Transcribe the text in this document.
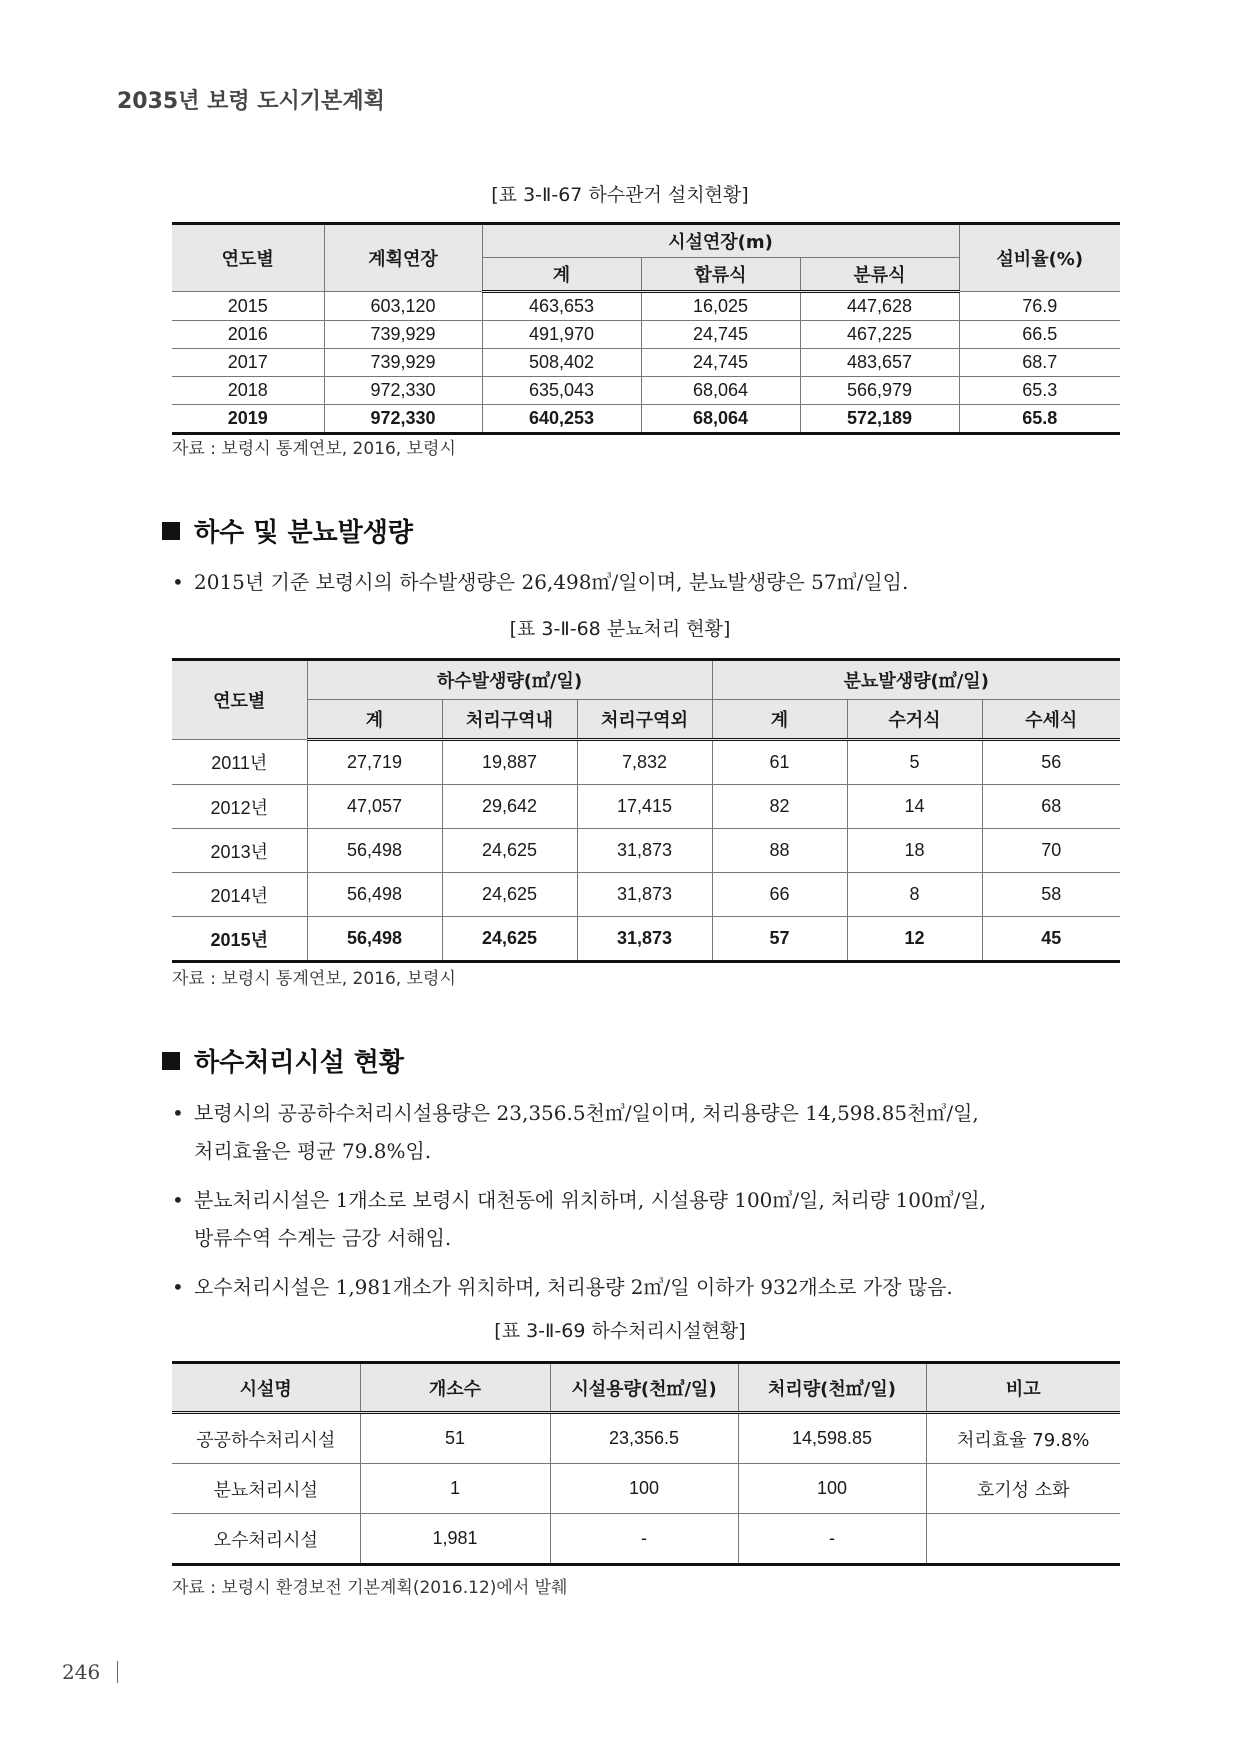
2035년 보령 도시기본계획
[표 3-Ⅱ-67 하수관거 설치현황]
연도별	계획연장	시설연장(m)			설비율(%)
		계	합류식	분류식	
2015	603,120	463,653	16,025	447,628	76.9
2016	739,929	491,970	24,745	467,225	66.5
2017	739,929	508,402	24,745	483,657	68.7
2018	972,330	635,043	68,064	566,979	65.3
2019	972,330	640,253	68,064	572,189	65.8
자료 : 보령시 통계연보, 2016, 보령시
하수 및 분뇨발생량
• 2015년 기준 보령시의 하수발생량은 26,498㎥/일이며, 분뇨발생량은 57㎥/일임.
[표 3-Ⅱ-68 분뇨처리 현황]
연도별	하수발생량(㎥/일)			분뇨발생량(㎥/일)		
	계	처리구역내	처리구역외	계	수거식	수세식
2011년	27,719	19,887	7,832	61	5	56
2012년	47,057	29,642	17,415	82	14	68
2013년	56,498	24,625	31,873	88	18	70
2014년	56,498	24,625	31,873	66	8	58
2015년	56,498	24,625	31,873	57	12	45
자료 : 보령시 통계연보, 2016, 보령시
하수처리시설 현황
• 보령시의 공공하수처리시설용량은 23,356.5천㎥/일이며, 처리용량은 14,598.85천㎥/일,
처리효율은 평균 79.8%임.
• 분뇨처리시설은 1개소로 보령시 대천동에 위치하며, 시설용량 100㎥/일, 처리량 100㎥/일,
방류수역 수계는 금강 서해임.
• 오수처리시설은 1,981개소가 위치하며, 처리용량 2㎥/일 이하가 932개소로 가장 많음.
[표 3-Ⅱ-69 하수처리시설현황]
시설명	개소수	시설용량(천㎥/일)	처리량(천㎥/일)	비고
공공하수처리시설	51	23,356.5	14,598.85	처리효율 79.8%
분뇨처리시설	1	100	100	호기성 소화
오수처리시설	1,981	-	-	
자료 : 보령시 환경보전 기본계획(2016.12)에서 발췌
246
